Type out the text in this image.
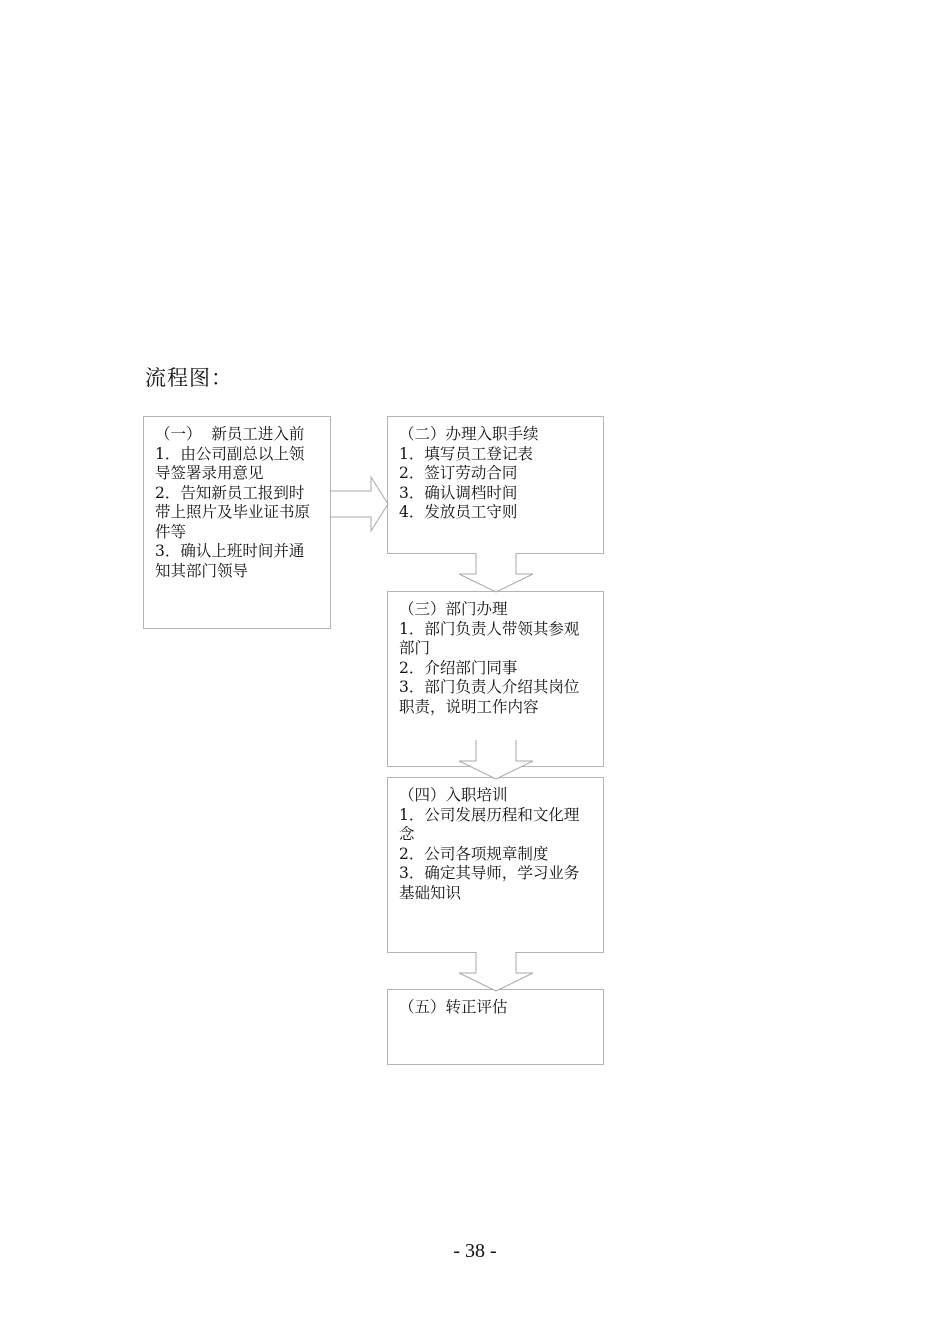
流程图：
（一）  新员工进入前
1．由公司副总以上领导签署录用意见
2．告知新员工报到时带上照片及毕业证书原件等
3．确认上班时间并通知其部门领导
（二）办理入职手续
1．填写员工登记表
2．签订劳动合同
3．确认调档时间
4．发放员工守则
（三）部门办理
1．部门负责人带领其参观部门
2．介绍部门同事
3．部门负责人介绍其岗位职责，说明工作内容
（四）入职培训
1．公司发展历程和文化理念
2．公司各项规章制度
3．确定其导师，学习业务基础知识
（五）转正评估
- 38 -
